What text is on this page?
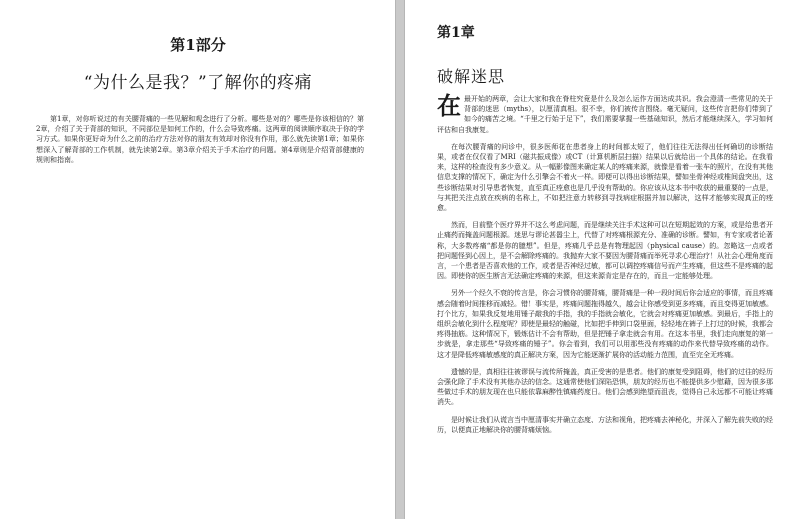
第1部分
“为什么是我？”了解你的疼痛

第1章，对你听说过的有关腰背痛的一些见解和观念进行了分析。哪些是对的？哪些是你该相信的？第2章，介绍了关于背部的知识，不同部位是如何工作的，什么会导致疼痛。这两章的阅读顺序取决于你的学习方式。如果你更好奇为什么之前的治疗方法对你的朋友有效却对你没有作用，那么就先读第1章；如果你想深入了解背部的工作机制，就先读第2章。第3章介绍关于手术治疗的问题。第4章则是介绍背部健康的规则和指南。

第1章
破解迷思

在最开始的两章，会让大家和我在脊柱究竟是什么及怎么运作方面达成共识。我会澄清一些常见的关于背部的迷思（myths），以厘清真相。很不幸，你们被传言围绕。毫无疑问，这些传言把你们带到了如今的痛苦之境。“千里之行始于足下”，我们需要掌握一些基础知识，然后才能继续深入，学习如何评估和自我康复。

在每次腰背痛的问诊中，很多医师花在患者身上的时间都太短了，他们往往无法得出任何确切的诊断结果，或者在仅仅看了MRI（磁共振成像）或CT（计算机断层扫描）结果以后就给出一个具体的结论。在我看来，这样的检查没有多少意义。从一幅影像图来确定某人的疼痛来源，就像是看着一张车的照片，在没有其他信息支撑的情况下，确定为什么引擎会不着火一样。即便可以得出诊断结果，譬如坐骨神经或椎间盘突出，这些诊断结果对引导患者恢复，直至真正痊愈也是几乎没有帮助的。你应该从这本书中收获的最重要的一点是，与其把关注点放在疾病的名称上，不如把注意力转移到寻找病症根据并加以解决，这样才能够实现真正的痊愈。

然而，目前整个医疗界并不这么考虑问题，而是继续关注手术这种可以在短期起效的方案，或是给患者开止痛药而掩盖问题根源。迷思与谬论甚嚣尘上，代替了对疼痛根源充分、准确的诊断。譬如，有专家或者论著称，大多数疼痛“都是你的臆想”。但是，疼痛几乎总是有物理起因（physical cause）的。忽略这一点或者把问题怪到心因上，是不会解除疼痛的。我抛弃大家不要因为腰背痛而举死寻求心理治疗！从社会心理角度而言，一个患者是否喜欢他的工作，或者是否神经过敏，都可以调控疼痛信号而产生疼痛，但这些不是疼痛的起因。即使你的医生断言无法确定疼痛的来源，但这来源肯定是存在的，而且一定能够处理。

另外一个经久不衰的传言是，你会习惯你的腰背痛，腰背痛是一种一段时间后你会适应的事情，而且疼痛感会随着时间推移而减轻。错！事实是，疼痛问题拖得越久，越会让你感受到更多疼痛，而且变得更加敏感。打个比方，如果我反复地用锤子敲我的手指，我的手指就会敏化，它就会对疼痛更加敏感。到最后，手指上的组织会敏化到什么程度呢？即使是最轻的触碰，比如把手伸到口袋里面，轻轻地在裤子上打过的时候，我都会疼得抽筋。这种情况下，锻炼估计不会有帮助，但是把锤子拿走就会有用。在这本书里，我们走向康复的第一步就是，拿走那些“导致疼痛的锤子”。你会看到，我们可以用那些没有疼痛的动作来代替导致疼痛的动作。这才是降低疼痛敏感度的真正解决方案，因为它能逐渐扩展你的活动能力范围，直至完全无疼痛。

遗憾的是，真相往往被谬误与流传所掩盖，真正受害的是患者。他们的康复受到阻碍，他们的过往的经历会强化除了手术没有其他办法的信念。这通常使他们深陷恐惧，朋友的经历也不能提供多少慰藉，因为很多那些做过手术的朋友现在也只能依靠麻醉性镇痛药度日。他们会感到绝望而沮丧，觉得自己永远都不可能让疼痛消失。

是时候让我们从谎言当中厘清事实并确立态度、方法和视角，把疼痛去神秘化，并深入了解先前失败的经历，以便真正地解决你的腰背痛烦恼。
